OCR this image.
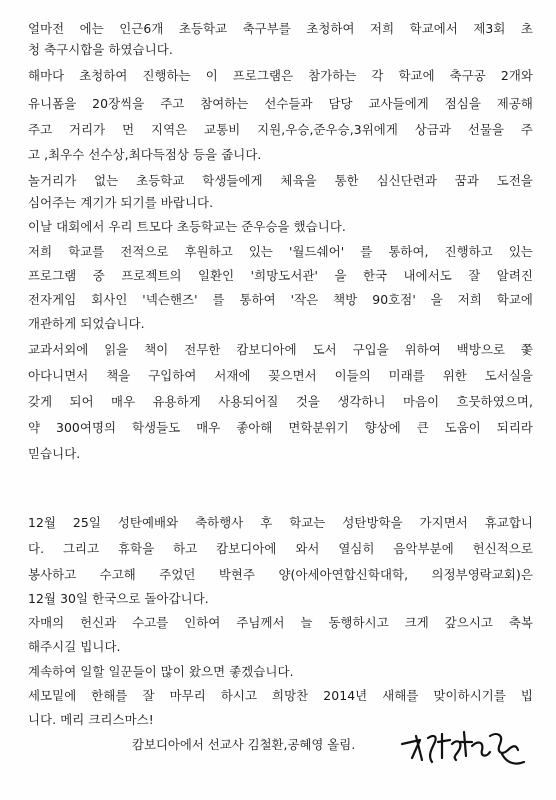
얼마전 에는 인근6개 초등학교 축구부를 초청하여 저희 학교에서 제3회 초
청 축구시합을 하였습니다.
해마다 초청하여 진행하는 이 프로그램은 참가하는 각 학교에 축구공 2개와
유니폼을 20장씩을 주고 참여하는 선수들과 담당 교사들에게 점심을 제공해
주고 거리가 먼 지역은 교통비 지원,우승,준우승,3위에게 상금과 선물을 주
고 ,최우수 선수상,최다득점상 등을 줍니다.
놀거리가 없는 초등학교 학생들에게 체육을 통한 심신단련과 꿈과 도전을
심어주는 계기가 되기를 바랍니다.
이날 대회에서 우리 트모다 초등학교는 준우승을 했습니다.
저희 학교를 전적으로 후원하고 있는 '월드쉐어' 를 통하여, 진행하고 있는
프로그램 중 프로젝트의 일환인 '희망도서관' 을 한국 내에서도 잘 알려진
전자게임 회사인 '넥슨핸즈' 를 통하여 '작은 책방 90호점' 을 저희 학교에
개관하게 되었습니다.
교과서외에 읽을 책이 전무한 캄보디아에 도서 구입을 위하여 백방으로 쫓
아다니면서 책을 구입하여 서재에 꽂으면서 이들의 미래를 위한 도서실을
갖게 되어 매우 유용하게 사용되어질 것을 생각하니 마음이 흐뭇하였으며,
약 300여명의 학생들도 매우 좋아해 면학분위기 향상에 큰 도움이 되리라
믿습니다.
12월 25일 성탄예배와 축하행사 후 학교는 성탄방학을 가지면서 휴교합니
다. 그리고 휴학을 하고 캄보디아에 와서 열심히 음악부분에 헌신적으로
봉사하고 수고해 주었던 박현주 양(아세아연합신학대학, 의정부영락교회)은
12월 30일 한국으로 돌아갑니다.
자매의 헌신과 수고를 인하여 주님께서 늘 동행하시고 크게 갚으시고 축복
해주시길 빕니다.
계속하여 일할 일꾼들이 많이 왔으면 좋겠습니다.
세모밑에 한해를 잘 마무리 하시고 희망찬 2014년 새해를 맞이하시기를 빕
니다. 메리 크리스마스!
캄보디아에서 선교사 김철환,공혜영 올림.
